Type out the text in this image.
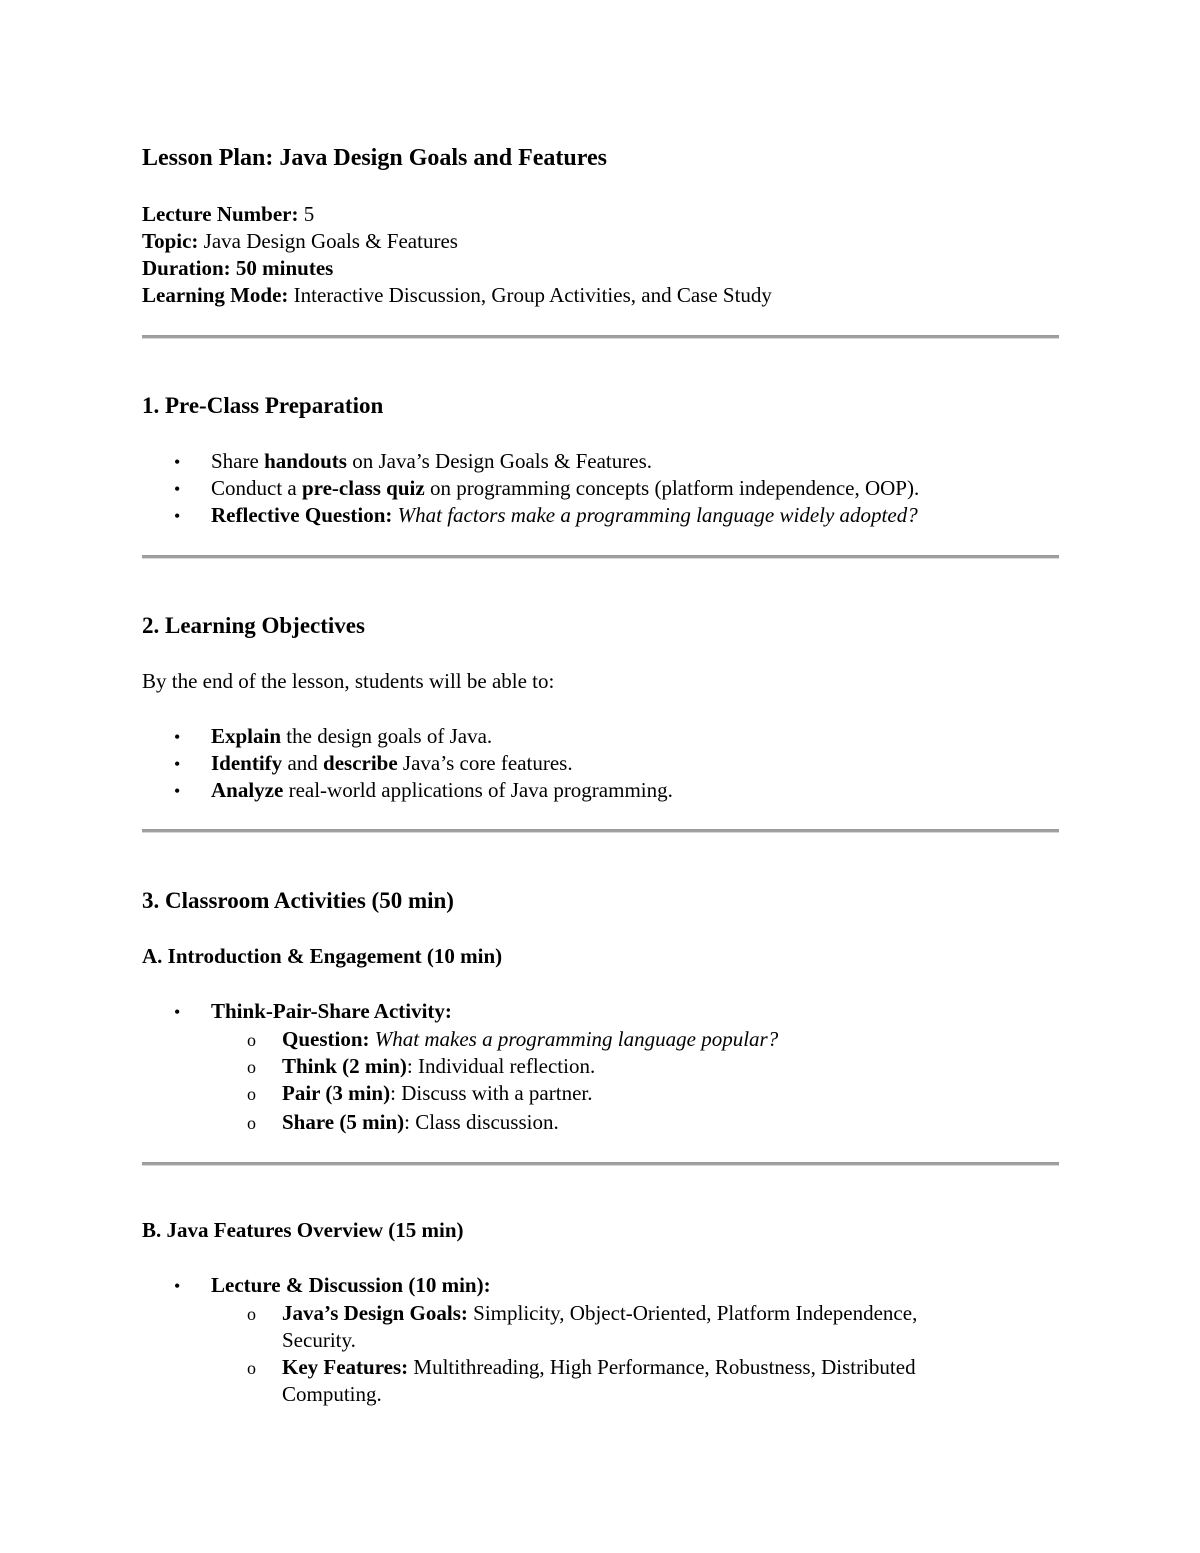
Lesson Plan: Java Design Goals and Features
Lecture Number: 5
Topic: Java Design Goals & Features
Duration: 50 minutes
Learning Mode: Interactive Discussion, Group Activities, and Case Study
1. Pre-Class Preparation
• Share handouts on Java’s Design Goals & Features.
• Conduct a pre-class quiz on programming concepts (platform independence, OOP).
• Reflective Question: What factors make a programming language widely adopted?
2. Learning Objectives
By the end of the lesson, students will be able to:
• Explain the design goals of Java.
• Identify and describe Java’s core features.
• Analyze real-world applications of Java programming.
3. Classroom Activities (50 min)
A. Introduction & Engagement (10 min)
• Think-Pair-Share Activity:
o Question: What makes a programming language popular?
o Think (2 min): Individual reflection.
o Pair (3 min): Discuss with a partner.
o Share (5 min): Class discussion.
B. Java Features Overview (15 min)
• Lecture & Discussion (10 min):
o Java’s Design Goals: Simplicity, Object-Oriented, Platform Independence,
Security.
o Key Features: Multithreading, High Performance, Robustness, Distributed
Computing.
